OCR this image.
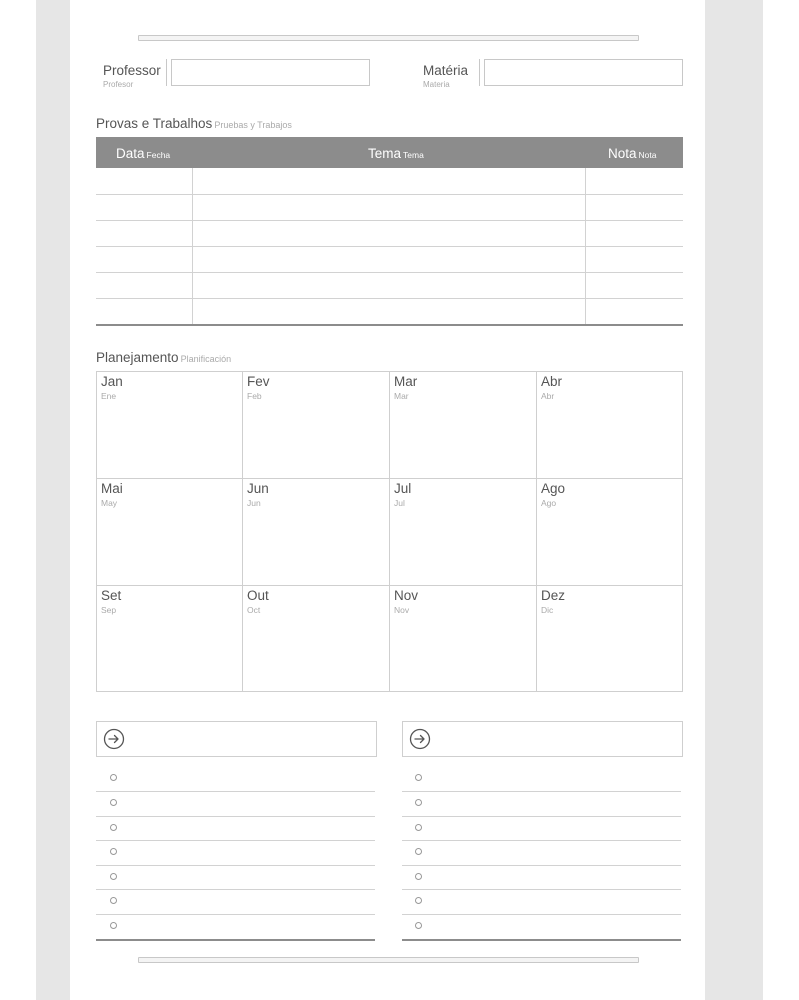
Professor
Profesor
Matéria
Materia
Provas e Trabalhos Pruebas y Trabajos
Data Fecha	Tema Tema	Nota Nota
Planejamento Planificación
Jan
Ene
Fev
Feb
Mar
Mar
Abr
Abr
Mai
May
Jun
Jun
Jul
Jul
Ago
Ago
Set
Sep
Out
Oct
Nov
Nov
Dez
Dic
